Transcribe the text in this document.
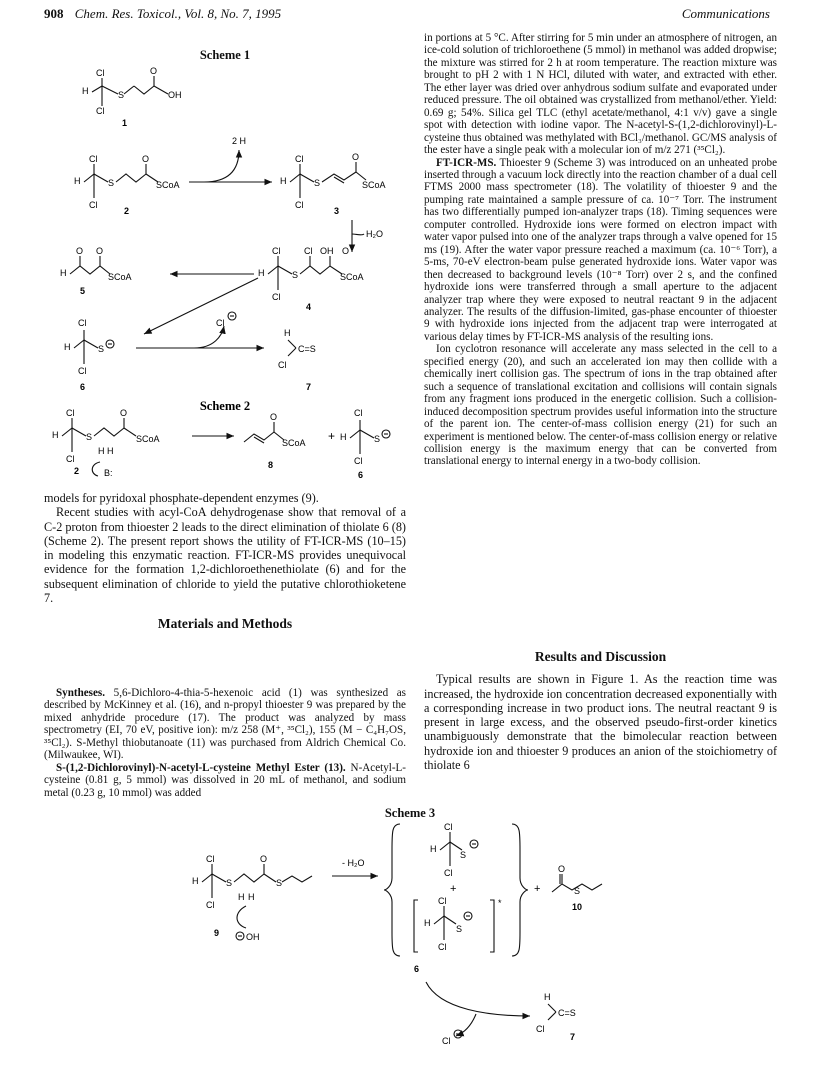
908 Chem. Res. Toxicol., Vol. 8, No. 7, 1995	Communications
Scheme 1
Cl
H	S
O
OH
Cl
1
2 H
Cl
H	S
O
SCoA
Cl
2
Cl
H	S
O
SCoA
Cl
3
H₂O
Cl
H	S
Cl OH O
SCoA
Cl
4
H
O O
SCoA
5
Cl
H	S
Cl
6
Cl
H
C=S
Cl
7
Scheme 2
Cl
H	S
O
SCoA
Cl
H H
2	B:
O
SCoA
8
+
Cl
H	S
Cl
6

models for pyridoxal phosphate-dependent enzymes (9).

Recent studies with acyl-CoA dehydrogenase show that removal of a C-2 proton from thioester 2 leads to the direct elimination of thiolate 6 (8) (Scheme 2). The present report shows the utility of FT-ICR-MS (10–15) in modeling this enzymatic reaction. FT-ICR-MS provides unequivocal evidence for the formation 1,2-dichloroethenethiolate (6) and for the subsequent elimination of chloride to yield the putative chlorothioketene 7.

Materials and Methods

Syntheses. 5,6-Dichloro-4-thia-5-hexenoic acid (1) was synthesized as described by McKinney et al. (16), and n-propyl thioester 9 was prepared by the mixed anhydride procedure (17). The product was analyzed by mass spectrometry (EI, 70 eV, positive ion): m/z 258 (M⁺, ³⁵Cl₂), 155 (M − C₄H₇OS, ³⁵Cl₂). S-Methyl thiobutanoate (11) was purchased from Aldrich Chemical Co. (Milwaukee, WI).

S-(1,2-Dichlorovinyl)-N-acetyl-L-cysteine Methyl Ester (13). N-Acetyl-L-cysteine (0.81 g, 5 mmol) was dissolved in 20 mL of methanol, and sodium metal (0.23 g, 10 mmol) was added

in portions at 5 °C. After stirring for 5 min under an atmosphere of nitrogen, an ice-cold solution of trichloroethene (5 mmol) in methanol was added dropwise; the mixture was stirred for 2 h at room temperature. The reaction mixture was brought to pH 2 with 1 N HCl, diluted with water, and extracted with ether. The ether layer was dried over anhydrous sodium sulfate and evaporated under reduced pressure. The oil obtained was crystallized from methanol/ether. Yield: 0.69 g; 54%. Silica gel TLC (ethyl acetate/methanol, 4:1 v/v) gave a single spot with detection with iodine vapor. The N-acetyl-S-(1,2-dichlorovinyl)-L-cysteine thus obtained was methylated with BCl₃/methanol. GC/MS analysis of the ester have a single peak with a molecular ion of m/z 271 (³⁵Cl₂).

FT-ICR-MS. Thioester 9 (Scheme 3) was introduced on an unheated probe inserted through a vacuum lock directly into the reaction chamber of a dual cell FTMS 2000 mass spectrometer (18). The volatility of thioester 9 and the pumping rate maintained a sample pressure of ca. 10⁻⁷ Torr. The instrument has two differentially pumped ion-analyzer traps (18). Timing sequences were computer controlled. Hydroxide ions were formed on electron impact with water vapor pulsed into one of the analyzer traps through a valve opened for 15 ms (19). After the water vapor pressure reached a maximum (ca. 10⁻⁶ Torr), a 5-ms, 70-eV electron-beam pulse generated hydroxide ions. Water vapor was then decreased to background levels (10⁻⁸ Torr) over 2 s, and the confined hydroxide ions were transferred through a small aperture to the adjacent analyzer trap where they were exposed to neutral reactant 9 in the adjacent analyzer. The results of the diffusion-limited, gas-phase encounter of thioester 9 with hydroxide ions injected from the adjacent trap were interrogated at various delay times by FT-ICR-MS analysis of the resulting ions.

Ion cyclotron resonance will accelerate any mass selected in the cell to a specified energy (20), and such an accelerated ion may then collide with a chemically inert collision gas. The spectrum of ions in the trap obtained after such a sequence of translational excitation and collisions will contain signals from any fragment ions produced in the energetic collision. Such a collision-induced decomposition spectrum provides useful information into the structure of the parent ion. The center-of-mass collision energy (21) for such an experiment is mentioned below. The center-of-mass collision energy or relative collision energy is the maximum energy that can be converted from translational energy to internal energy in a two-body collision.

Results and Discussion

Typical results are shown in Figure 1. As the reaction time was increased, the hydroxide ion concentration decreased exponentially with a corresponding increase in two product ions. The neutral reactant 9 is present in large excess, and the observed pseudo-first-order kinetics unambiguously demonstrate that the bimolecular reaction between hydroxide ion and thioester 9 produces an anion of the stoichiometry of thiolate 6

Scheme 3
Cl
H	S
O
S
Cl
H H
OH
9
- H₂O
Cl
H
S
Cl
+
*
Cl
H
S
Cl
6
+
O
S
10
Cl
H
C=S
Cl
7
